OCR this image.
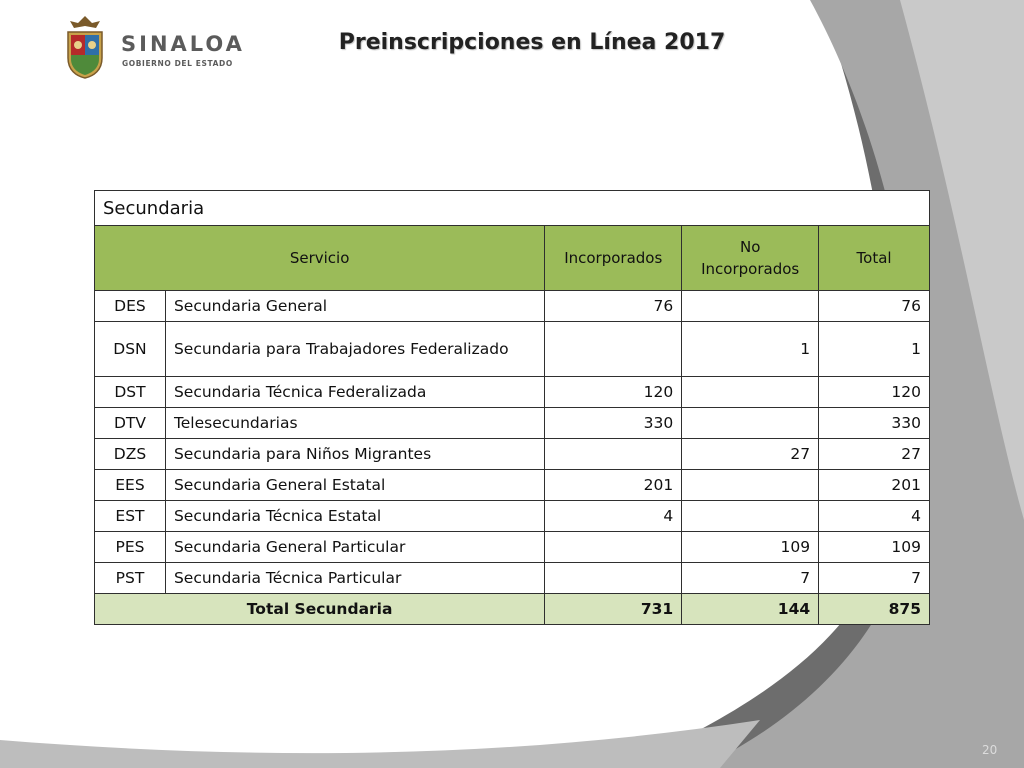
SINALOA
GOBIERNO DEL ESTADO
Preinscripciones en Línea 2017
Secundaria				
Servicio		Incorporados	No Incorporados	Total
DES	Secundaria General	76		76
DSN	Secundaria para Trabajadores Federalizado		1	1
DST	Secundaria Técnica Federalizada	120		120
DTV	Telesecundarias	330		330
DZS	Secundaria para Niños Migrantes		27	27
EES	Secundaria General Estatal	201		201
EST	Secundaria Técnica Estatal	4		4
PES	Secundaria General Particular		109	109
PST	Secundaria Técnica Particular		7	7
Total Secundaria		731	144	875
20
